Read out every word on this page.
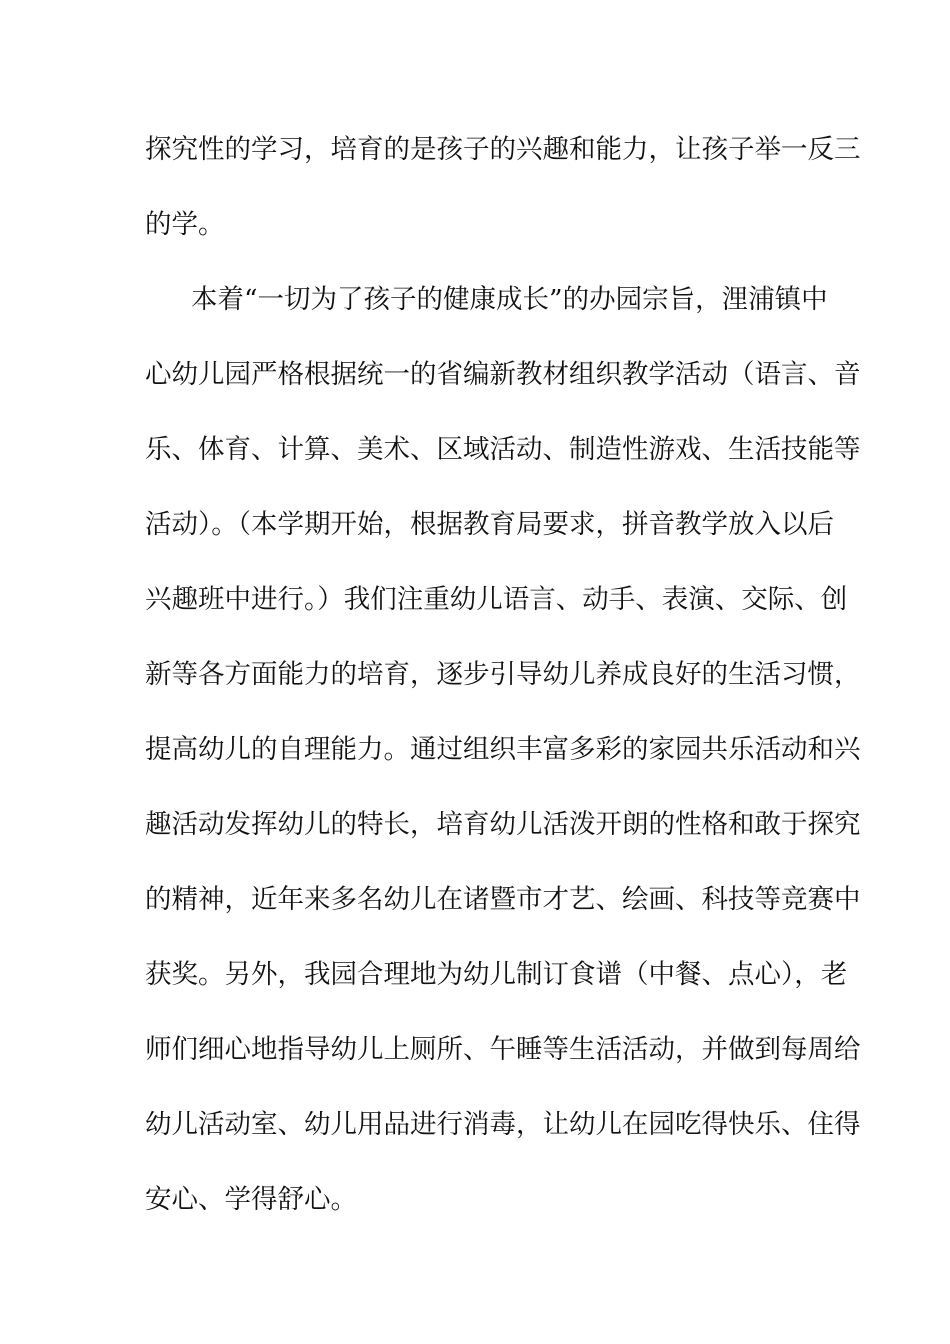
探究性的学习，培育的是孩子的兴趣和能力，让孩子举一反三
的学。
本着“一切为了孩子的健康成长”的办园宗旨，浬浦镇中
心幼儿园严格根据统一的省编新教材组织教学活动（语言、音
乐、体育、计算、美术、区域活动、制造性游戏、生活技能等
活动）。（本学期开始，根据教育局要求，拼音教学放入以后
兴趣班中进行。）我们注重幼儿语言、动手、表演、交际、创
新等各方面能力的培育，逐步引导幼儿养成良好的生活习惯，
提高幼儿的自理能力。通过组织丰富多彩的家园共乐活动和兴
趣活动发挥幼儿的特长，培育幼儿活泼开朗的性格和敢于探究
的精神，近年来多名幼儿在诸暨市才艺、绘画、科技等竞赛中
获奖。另外，我园合理地为幼儿制订食谱（中餐、点心），老
师们细心地指导幼儿上厕所、午睡等生活活动，并做到每周给
幼儿活动室、幼儿用品进行消毒，让幼儿在园吃得快乐、住得
安心、学得舒心。
